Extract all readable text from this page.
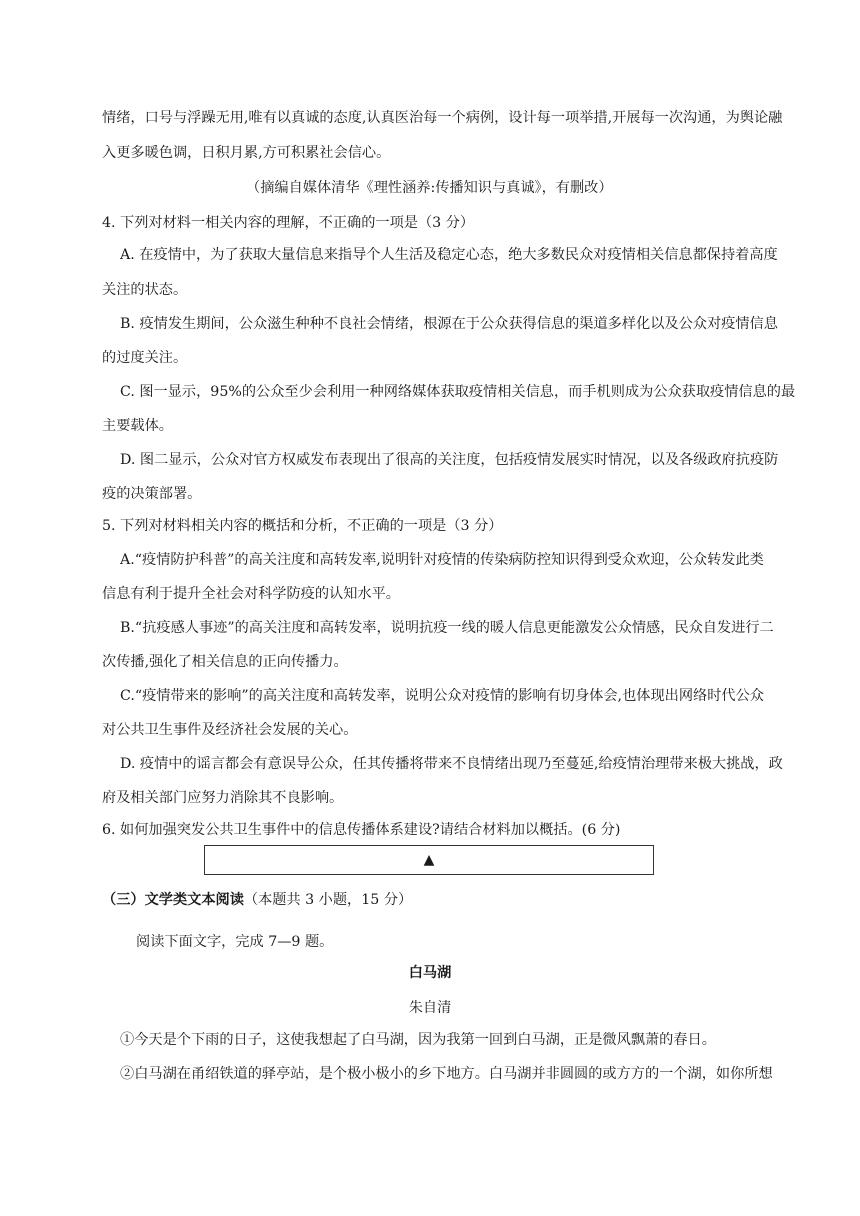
情绪，口号与浮躁无用,唯有以真诚的态度,认真医治每一个病例，设计每一项举措,开展每一次沟通，为舆论融
入更多暖色调，日积月累,方可积累社会信心。
（摘编自媒体清华《理性涵养:传播知识与真诚》，有删改）
4. 下列对材料一相关内容的理解，不正确的一项是（3 分）
A. 在疫情中，为了获取大量信息来指导个人生活及稳定心态，绝大多数民众对疫情相关信息都保持着高度
关注的状态。
B. 疫情发生期间，公众滋生种种不良社会情绪，根源在于公众获得信息的渠道多样化以及公众对疫情信息
的过度关注。
C. 图一显示，95%的公众至少会利用一种网络媒体获取疫情相关信息，而手机则成为公众获取疫情信息的最
主要载体。
D. 图二显示，公众对官方权威发布表现出了很高的关注度，包括疫情发展实时情况，以及各级政府抗疫防
疫的决策部署。
5. 下列对材料相关内容的概括和分析，不正确的一项是（3 分）
A.“疫情防护科普”的高关注度和高转发率,说明针对疫情的传染病防控知识得到受众欢迎，公众转发此类
信息有利于提升全社会对科学防疫的认知水平。
B.“抗疫感人事迹”的高关注度和高转发率，说明抗疫一线的暖人信息更能激发公众情感，民众自发进行二
次传播,强化了相关信息的正向传播力。
C.“疫情带来的影响”的高关注度和高转发率，说明公众对疫情的影响有切身体会,也体现出网络时代公众
对公共卫生事件及经济社会发展的关心。
D. 疫情中的谣言都会有意误导公众，任其传播将带来不良情绪出现乃至蔓延,给疫情治理带来极大挑战，政
府及相关部门应努力消除其不良影响。
6. 如何加强突发公共卫生事件中的信息传播体系建设?请结合材料加以概括。(6 分)
▲
（三）文学类文本阅读（本题共 3 小题，15 分）
阅读下面文字，完成 7—9 题。
白马湖
朱自清
①今天是个下雨的日子，这使我想起了白马湖，因为我第一回到白马湖，正是微风飘萧的春日。
②白马湖在甬绍铁道的驿亭站，是个极小极小的乡下地方。白马湖并非圆圆的或方方的一个湖，如你所想
